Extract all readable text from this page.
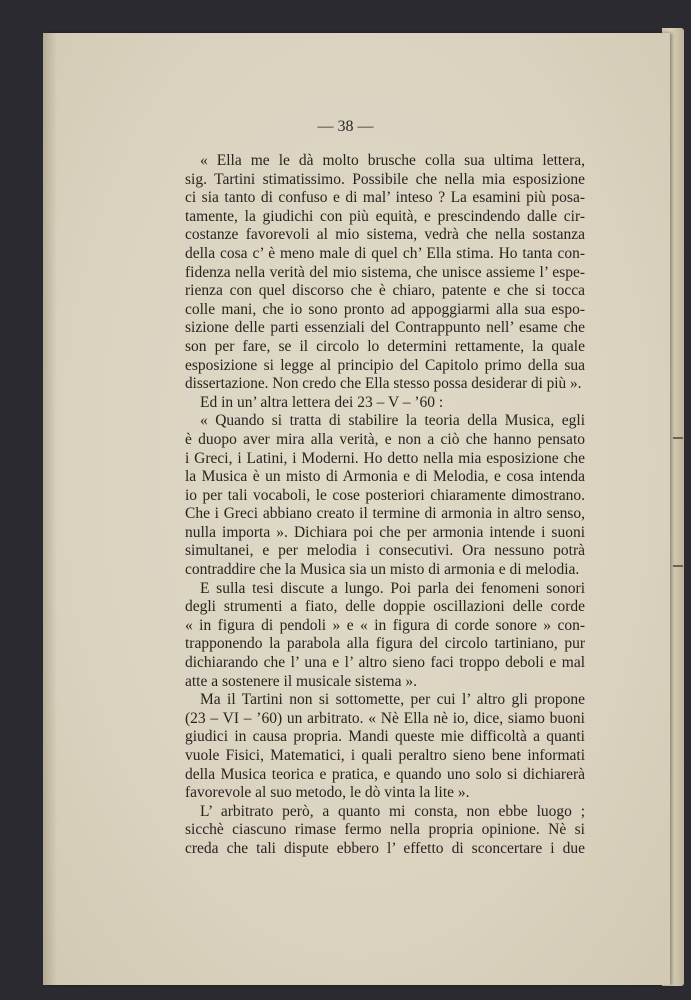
— 38 —
« Ella me le dà molto brusche colla sua ultima lettera,
sig. Tartini stimatissimo. Possibile che nella mia esposizione
ci sia tanto di confuso e di mal’ inteso ? La esamini più posa-
tamente, la giudichi con più equità, e prescindendo dalle cir-
costanze favorevoli al mio sistema, vedrà che nella sostanza
della cosa c’ è meno male di quel ch’ Ella stima. Ho tanta con-
fidenza nella verità del mio sistema, che unisce assieme l’ espe-
rienza con quel discorso che è chiaro, patente e che si tocca
colle mani, che io sono pronto ad appoggiarmi alla sua espo-
sizione delle parti essenziali del Contrappunto nell’ esame che
son per fare, se il circolo lo determini rettamente, la quale
esposizione si legge al principio del Capitolo primo della sua
dissertazione. Non credo che Ella stesso possa desiderar di più ».
Ed in un’ altra lettera dei 23 – V – ’60 :
« Quando si tratta di stabilire la teoria della Musica, egli
è duopo aver mira alla verità, e non a ciò che hanno pensato
i Greci, i Latini, i Moderni. Ho detto nella mia esposizione che
la Musica è un misto di Armonia e di Melodia, e cosa intenda
io per tali vocaboli, le cose posteriori chiaramente dimostrano.
Che i Greci abbiano creato il termine di armonia in altro senso,
nulla importa ». Dichiara poi che per armonia intende i suoni
simultanei, e per melodia i consecutivi. Ora nessuno potrà
contraddire che la Musica sia un misto di armonia e di melodia.
E sulla tesi discute a lungo. Poi parla dei fenomeni sonori
degli strumenti a fiato, delle doppie oscillazioni delle corde
« in figura di pendoli » e « in figura di corde sonore » con-
trapponendo la parabola alla figura del circolo tartiniano, pur
dichiarando che l’ una e l’ altro sieno faci troppo deboli e mal
atte a sostenere il musicale sistema ».
Ma il Tartini non si sottomette, per cui l’ altro gli propone
(23 – VI – ’60) un arbitrato. « Nè Ella nè io, dice, siamo buoni
giudici in causa propria. Mandi queste mie difficoltà a quanti
vuole Fisici, Matematici, i quali peraltro sieno bene informati
della Musica teorica e pratica, e quando uno solo si dichiarerà
favorevole al suo metodo, le dò vinta la lite ».
L’ arbitrato però, a quanto mi consta, non ebbe luogo ;
sicchè ciascuno rimase fermo nella propria opinione. Nè si
creda che tali dispute ebbero l’ effetto di sconcertare i due
